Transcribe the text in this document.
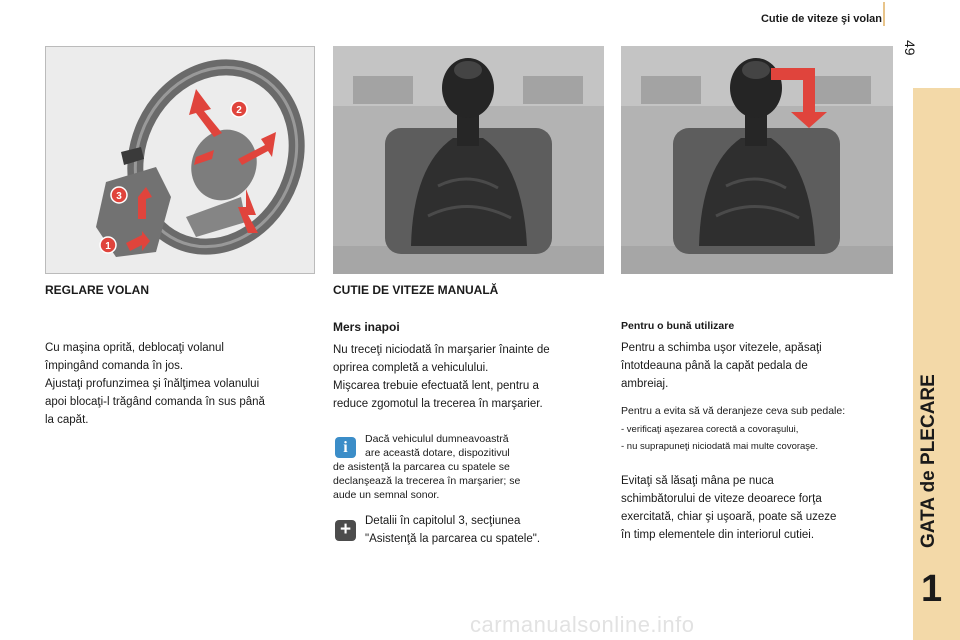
Cutie de viteze şi volan
49
GATA de PLECARE
1
2
3
1
REGLARE VOLAN
Cu maşina oprită, deblocaţi volanul
împingând comanda în jos.
Ajustaţi profunzimea şi înălţimea volanului
apoi blocaţi-l trăgând comanda în sus până
la capăt.
CUTIE DE VITEZE MANUALĂ
Mers inapoi
Nu treceţi niciodată în marşarier înainte de
oprirea completă a vehiculului.
Mişcarea trebuie efectuată lent, pentru a
reduce zgomotul la trecerea în marşarier.
i	Dacă vehiculul dumneavoastră
are această dotare, dispozitivul
de asistenţă la parcarea cu spatele se
declanşează la trecerea în marşarier; se
aude un semnal sonor.
+	Detalii în capitolul 3, secţiunea
"Asistenţă la parcarea cu spatele".
Pentru o bună utilizare
Pentru a schimba uşor vitezele, apăsaţi
întotdeauna până la capăt pedala de
ambreiaj.
Pentru a evita să vă deranjeze ceva sub pedale:
- verificaţi aşezarea corectă a covoraşului,
- nu suprapuneţi niciodată mai multe covoraşe.
Evitaţi să lăsaţi mâna pe nuca
schimbătorului de viteze deoarece forţa
exercitată, chiar şi uşoară, poate să uzeze
în timp elementele din interiorul cutiei.
carmanualsonline.info
